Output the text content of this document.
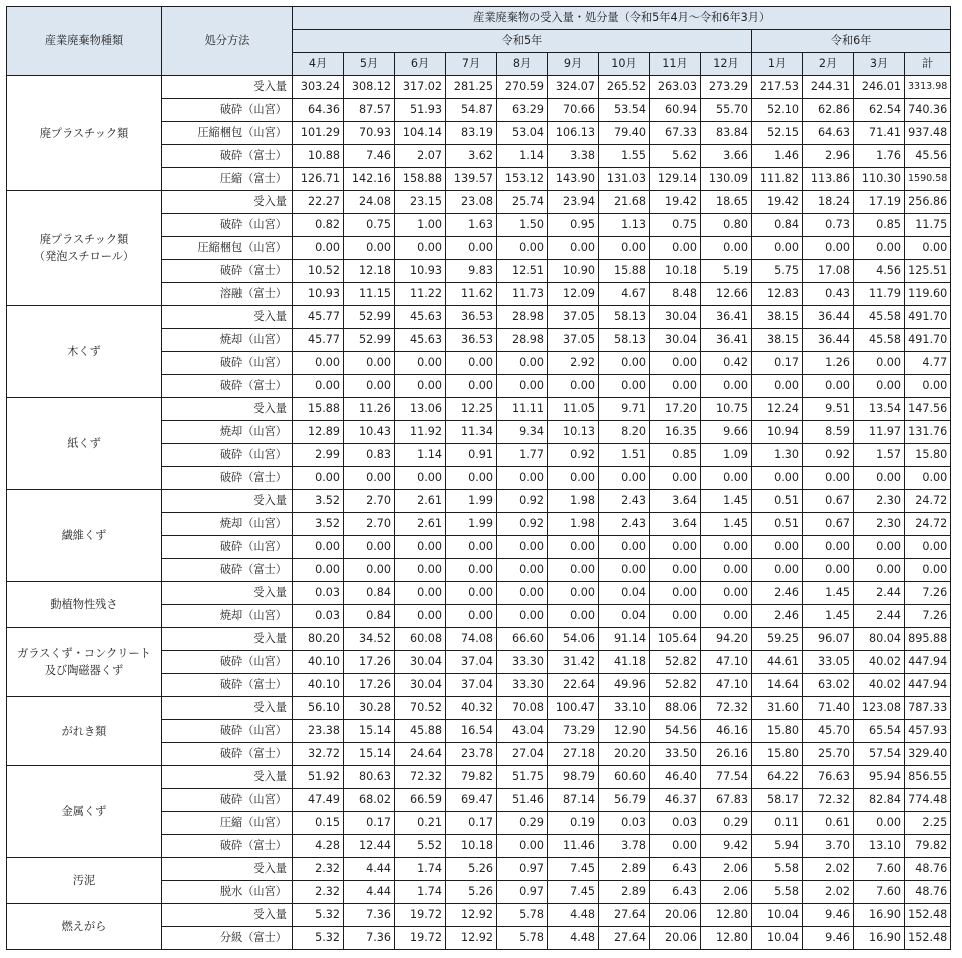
産業廃棄物種類	処分方法	産業廃棄物の受入量・処分量（令和5年4月～令和6年3月）												
		令和5年									令和6年			
		4月	5月	6月	7月	8月	9月	10月	11月	12月	1月	2月	3月	計
廃プラスチック類	受入量	303.24	308.12	317.02	281.25	270.59	324.07	265.52	263.03	273.29	217.53	244.31	246.01	3313.98
	破砕（山宮）	64.36	87.57	51.93	54.87	63.29	70.66	53.54	60.94	55.70	52.10	62.86	62.54	740.36
	圧縮梱包（山宮）	101.29	70.93	104.14	83.19	53.04	106.13	79.40	67.33	83.84	52.15	64.63	71.41	937.48
	破砕（富士）	10.88	7.46	2.07	3.62	1.14	3.38	1.55	5.62	3.66	1.46	2.96	1.76	45.56
	圧縮（富士）	126.71	142.16	158.88	139.57	153.12	143.90	131.03	129.14	130.09	111.82	113.86	110.30	1590.58
廃プラスチック類
（発泡スチロール）	受入量	22.27	24.08	23.15	23.08	25.74	23.94	21.68	19.42	18.65	19.42	18.24	17.19	256.86
	破砕（山宮）	0.82	0.75	1.00	1.63	1.50	0.95	1.13	0.75	0.80	0.84	0.73	0.85	11.75
	圧縮梱包（山宮）	0.00	0.00	0.00	0.00	0.00	0.00	0.00	0.00	0.00	0.00	0.00	0.00	0.00
	破砕（富士）	10.52	12.18	10.93	9.83	12.51	10.90	15.88	10.18	5.19	5.75	17.08	4.56	125.51
	溶融（富士）	10.93	11.15	11.22	11.62	11.73	12.09	4.67	8.48	12.66	12.83	0.43	11.79	119.60
木くず	受入量	45.77	52.99	45.63	36.53	28.98	37.05	58.13	30.04	36.41	38.15	36.44	45.58	491.70
	焼却（山宮）	45.77	52.99	45.63	36.53	28.98	37.05	58.13	30.04	36.41	38.15	36.44	45.58	491.70
	破砕（山宮）	0.00	0.00	0.00	0.00	0.00	2.92	0.00	0.00	0.42	0.17	1.26	0.00	4.77
	破砕（富士）	0.00	0.00	0.00	0.00	0.00	0.00	0.00	0.00	0.00	0.00	0.00	0.00	0.00
紙くず	受入量	15.88	11.26	13.06	12.25	11.11	11.05	9.71	17.20	10.75	12.24	9.51	13.54	147.56
	焼却（山宮）	12.89	10.43	11.92	11.34	9.34	10.13	8.20	16.35	9.66	10.94	8.59	11.97	131.76
	破砕（山宮）	2.99	0.83	1.14	0.91	1.77	0.92	1.51	0.85	1.09	1.30	0.92	1.57	15.80
	破砕（富士）	0.00	0.00	0.00	0.00	0.00	0.00	0.00	0.00	0.00	0.00	0.00	0.00	0.00
繊維くず	受入量	3.52	2.70	2.61	1.99	0.92	1.98	2.43	3.64	1.45	0.51	0.67	2.30	24.72
	焼却（山宮）	3.52	2.70	2.61	1.99	0.92	1.98	2.43	3.64	1.45	0.51	0.67	2.30	24.72
	破砕（山宮）	0.00	0.00	0.00	0.00	0.00	0.00	0.00	0.00	0.00	0.00	0.00	0.00	0.00
	破砕（富士）	0.00	0.00	0.00	0.00	0.00	0.00	0.00	0.00	0.00	0.00	0.00	0.00	0.00
動植物性残さ	受入量	0.03	0.84	0.00	0.00	0.00	0.00	0.04	0.00	0.00	2.46	1.45	2.44	7.26
	焼却（山宮）	0.03	0.84	0.00	0.00	0.00	0.00	0.04	0.00	0.00	2.46	1.45	2.44	7.26
ガラスくず・コンクリート
及び陶磁器くず	受入量	80.20	34.52	60.08	74.08	66.60	54.06	91.14	105.64	94.20	59.25	96.07	80.04	895.88
	破砕（山宮）	40.10	17.26	30.04	37.04	33.30	31.42	41.18	52.82	47.10	44.61	33.05	40.02	447.94
	破砕（富士）	40.10	17.26	30.04	37.04	33.30	22.64	49.96	52.82	47.10	14.64	63.02	40.02	447.94
がれき類	受入量	56.10	30.28	70.52	40.32	70.08	100.47	33.10	88.06	72.32	31.60	71.40	123.08	787.33
	破砕（山宮）	23.38	15.14	45.88	16.54	43.04	73.29	12.90	54.56	46.16	15.80	45.70	65.54	457.93
	破砕（富士）	32.72	15.14	24.64	23.78	27.04	27.18	20.20	33.50	26.16	15.80	25.70	57.54	329.40
金属くず	受入量	51.92	80.63	72.32	79.82	51.75	98.79	60.60	46.40	77.54	64.22	76.63	95.94	856.55
	破砕（山宮）	47.49	68.02	66.59	69.47	51.46	87.14	56.79	46.37	67.83	58.17	72.32	82.84	774.48
	圧縮（山宮）	0.15	0.17	0.21	0.17	0.29	0.19	0.03	0.03	0.29	0.11	0.61	0.00	2.25
	破砕（富士）	4.28	12.44	5.52	10.18	0.00	11.46	3.78	0.00	9.42	5.94	3.70	13.10	79.82
汚泥	受入量	2.32	4.44	1.74	5.26	0.97	7.45	2.89	6.43	2.06	5.58	2.02	7.60	48.76
	脱水（山宮）	2.32	4.44	1.74	5.26	0.97	7.45	2.89	6.43	2.06	5.58	2.02	7.60	48.76
燃えがら	受入量	5.32	7.36	19.72	12.92	5.78	4.48	27.64	20.06	12.80	10.04	9.46	16.90	152.48
	分級（富士）	5.32	7.36	19.72	12.92	5.78	4.48	27.64	20.06	12.80	10.04	9.46	16.90	152.48
